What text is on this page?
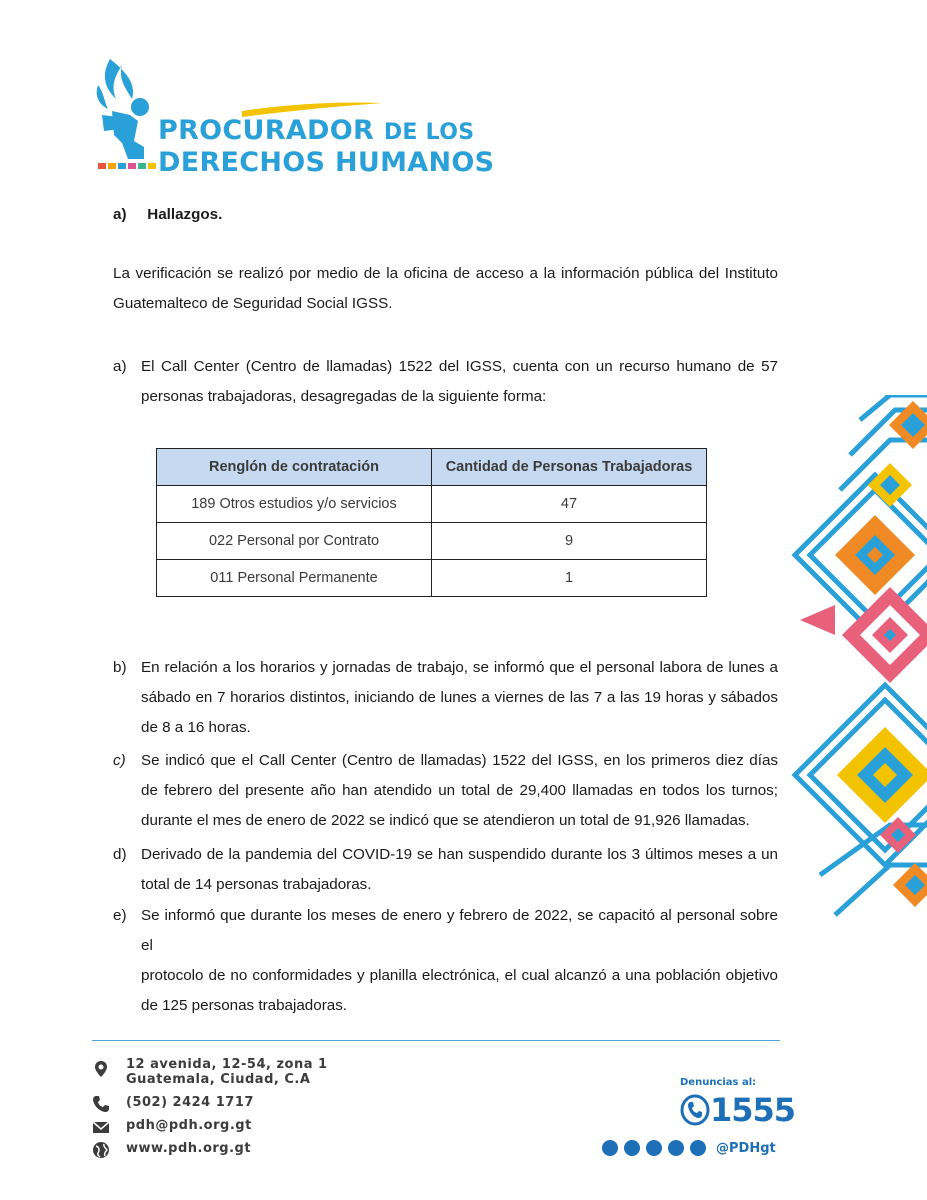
PROCURADOR DE LOS
DERECHOS HUMANOS
a) Hallazgos.
La verificación se realizó por medio de la oficina de acceso a la información pública del Instituto
Guatemalteco de Seguridad Social IGSS.
a) El Call Center (Centro de llamadas) 1522 del IGSS, cuenta con un recurso humano de 57
personas trabajadoras, desagregadas de la siguiente forma:
Renglón de contratación	Cantidad de Personas Trabajadoras
189 Otros estudios y/o servicios	47
022 Personal por Contrato	9
011 Personal Permanente	1
b) En relación a los horarios y jornadas de trabajo, se informó que el personal labora de lunes a
sábado en 7 horarios distintos, iniciando de lunes a viernes de las 7 a las 19 horas y sábados
de 8 a 16 horas.
c)	Se indicó que el Call Center (Centro de llamadas) 1522 del IGSS, en los primeros diez días
de febrero del presente año han atendido un total de 29,400 llamadas en todos los turnos;
durante el mes de enero de 2022 se indicó que se atendieron un total de 91,926 llamadas.
d) Derivado de la pandemia del COVID-19 se han suspendido durante los 3 últimos meses a un
total de 14 personas trabajadoras.
e) Se informó que durante los meses de enero y febrero de 2022, se capacitó al personal sobre el
protocolo de no conformidades y planilla electrónica, el cual alcanzó a una población objetivo
de 125 personas trabajadoras.
12 avenida, 12-54, zona 1
Guatemala, Ciudad, C.A
(502) 2424 1717
pdh@pdh.org.gt
www.pdh.org.gt
Denuncias al:
1555
@PDHgt
